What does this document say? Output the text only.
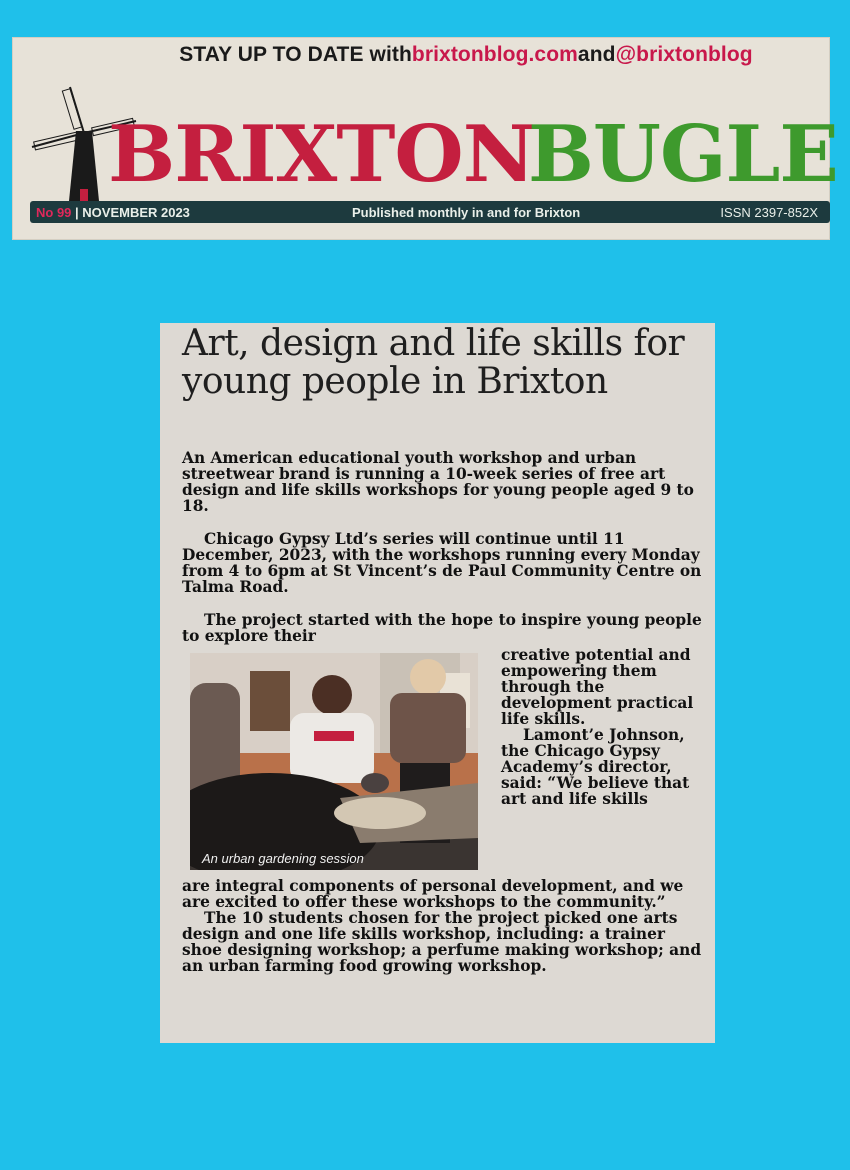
STAY UP TO DATE with brixtonblog.com and @brixtonblog
BRIXTON
BUGLE
No 99 | NOVEMBER 2023	Published monthly in and for Brixton	ISSN 2397-852X
Art, design and life skills for young people in Brixton
An American educational youth workshop and urban streetwear brand is running a 10-week series of free art design and life skills workshops for young people aged 9 to 18.
Chicago Gypsy Ltd’s series will continue until 11 December, 2023, with the workshops running every Monday from 4 to 6pm at St Vincent’s de Paul Community Centre on Talma Road.
The project started with the hope to inspire young people to explore their
An urban gardening session
creative potential and empowering them through the development practical life skills.
Lamont’e Johnson, the Chicago Gypsy Academy’s director, said: “We believe that art and life skills
are integral components of personal development, and we are excited to offer these workshops to the community.”
The 10 students chosen for the project picked one arts design and one life skills workshop, including: a trainer shoe designing workshop; a perfume making workshop; and an urban farming food growing workshop.
